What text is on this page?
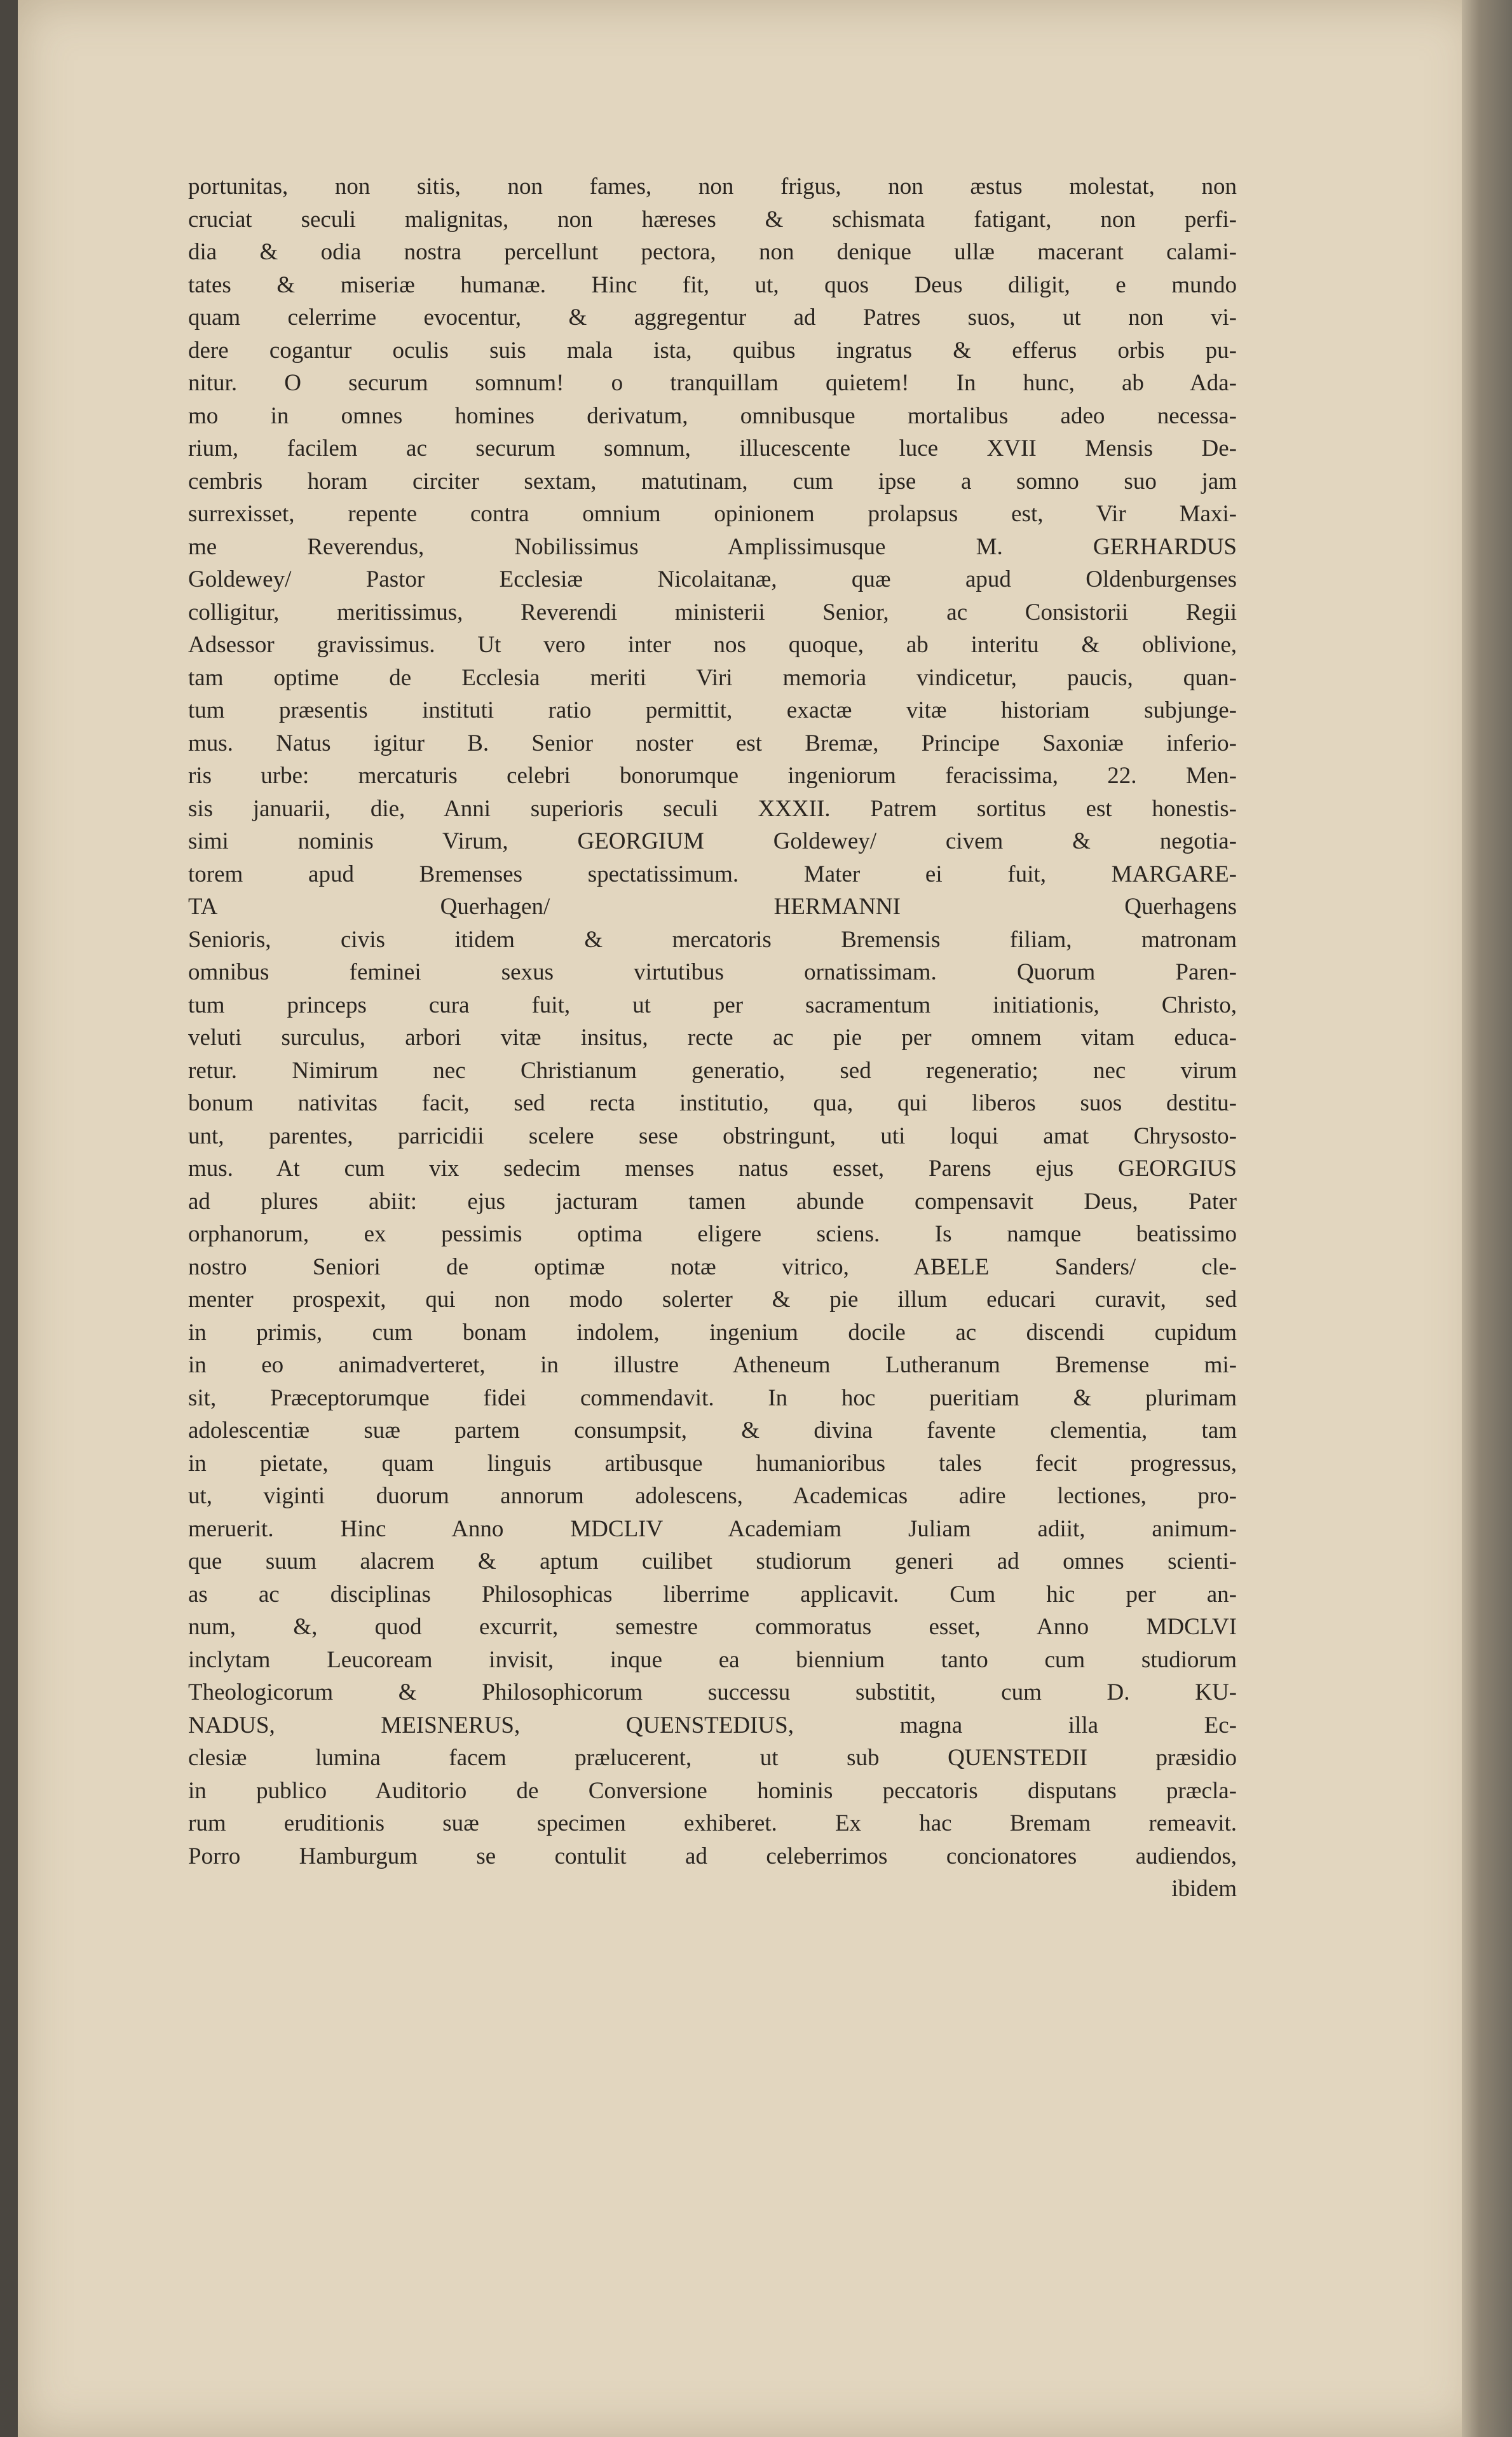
portunitas, non sitis, non fames, non frigus, non æstus molestat, non
cruciat seculi malignitas, non hæreses & schismata fatigant, non perfi-
dia & odia nostra percellunt pectora, non denique ullæ macerant calami-
tates & miseriæ humanæ. Hinc fit, ut, quos Deus diligit, e mundo
quam celerrime evocentur, & aggregentur ad Patres suos, ut non vi-
dere cogantur oculis suis mala ista, quibus ingratus & efferus orbis pu-
nitur. O securum somnum! o tranquillam quietem! In hunc, ab Ada-
mo in omnes homines derivatum, omnibusque mortalibus adeo necessa-
rium, facilem ac securum somnum, illucescente luce XVII Mensis De-
cembris horam circiter sextam, matutinam, cum ipse a somno suo jam
surrexisset, repente contra omnium opinionem prolapsus est, Vir Maxi-
me Reverendus, Nobilissimus Amplissimusque M. GERHARDUS
Goldewey/ Pastor Ecclesiæ Nicolaitanæ, quæ apud Oldenburgenses
colligitur, meritissimus, Reverendi ministerii Senior, ac Consistorii Regii
Adsessor gravissimus. Ut vero inter nos quoque, ab interitu & oblivione,
tam optime de Ecclesia meriti Viri memoria vindicetur, paucis, quan-
tum præsentis instituti ratio permittit, exactæ vitæ historiam subjunge-
mus. Natus igitur B. Senior noster est Bremæ, Principe Saxoniæ inferio-
ris urbe: mercaturis celebri bonorumque ingeniorum feracissima, 22. Men-
sis januarii, die, Anni superioris seculi XXXII. Patrem sortitus est honestis-
simi nominis Virum, GEORGIUM Goldewey/ civem & negotia-
torem apud Bremenses spectatissimum. Mater ei fuit, MARGARE-
TA Querhagen/ HERMANNI Querhagens
Senioris, civis itidem & mercatoris Bremensis filiam, matronam
omnibus feminei sexus virtutibus ornatissimam. Quorum Paren-
tum princeps cura fuit, ut per sacramentum initiationis, Christo,
veluti surculus, arbori vitæ insitus, recte ac pie per omnem vitam educa-
retur. Nimirum nec Christianum generatio, sed regeneratio; nec virum
bonum nativitas facit, sed recta institutio, qua, qui liberos suos destitu-
unt, parentes, parricidii scelere sese obstringunt, uti loqui amat Chrysosto-
mus. At cum vix sedecim menses natus esset, Parens ejus GEORGIUS
ad plures abiit: ejus jacturam tamen abunde compensavit Deus, Pater
orphanorum, ex pessimis optima eligere sciens. Is namque beatissimo
nostro Seniori de optimæ notæ vitrico, ABELE Sanders/ cle-
menter prospexit, qui non modo solerter & pie illum educari curavit, sed
in primis, cum bonam indolem, ingenium docile ac discendi cupidum
in eo animadverteret, in illustre Atheneum Lutheranum Bremense mi-
sit, Præceptorumque fidei commendavit. In hoc pueritiam & plurimam
adolescentiæ suæ partem consumpsit, & divina favente clementia, tam
in pietate, quam linguis artibusque humanioribus tales fecit progressus,
ut, viginti duorum annorum adolescens, Academicas adire lectiones, pro-
meruerit. Hinc Anno MDCLIV Academiam Juliam adiit, animum-
que suum alacrem & aptum cuilibet studiorum generi ad omnes scienti-
as ac disciplinas Philosophicas liberrime applicavit. Cum hic per an-
num, &, quod excurrit, semestre commoratus esset, Anno MDCLVI
inclytam Leucoream invisit, inque ea biennium tanto cum studiorum
Theologicorum & Philosophicorum successu substitit, cum D. KU-
NADUS, MEISNERUS, QUENSTEDIUS, magna illa Ec-
clesiæ lumina facem prælucerent, ut sub QUENSTEDII præsidio
in publico Auditorio de Conversione hominis peccatoris disputans præcla-
rum eruditionis suæ specimen exhiberet. Ex hac Bremam remeavit.
Porro Hamburgum se contulit ad celeberrimos concionatores audiendos,
ibidem
